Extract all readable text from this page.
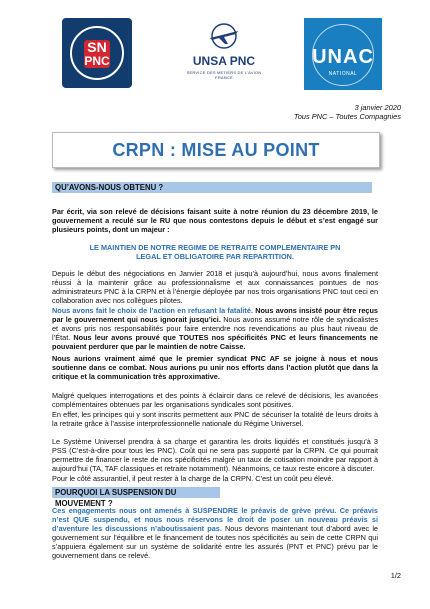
SN
PNC	UNSA PNC
SERVICE DES METIERS DE L'AVION FRANCE
UNAC
NATIONAL
3 janvier 2020
Tous PNC – Toutes Compagnies
CRPN : MISE AU POINT
QU’AVONS-NOUS OBTENU ?

Par écrit, via son relevé de décisions faisant suite à notre réunion du 23 décembre 2019, le gouvernement a reculé sur le RU que nous contestons depuis le début et s’est engagé sur plusieurs points, dont un majeur :

LE MAINTIEN DE NOTRE REGIME DE RETRAITE COMPLEMENTAIRE PN LEGAL ET OBLIGATOIRE PAR REPARTITION.

Depuis le début des négociations en Janvier 2018 et jusqu’à aujourd’hui, nous avons finalement réussi à la maintenir grâce au professionnalisme et aux connaissances pointues de nos administrateurs PNC à la CRPN et à l’énergie déployée par nos trois organisations PNC tout ceci en collaboration avec nos collègues pilotes.

Nous avons fait le choix de l’action en refusant la fatalité. Nous avons insisté pour être reçus par le gouvernement qui nous ignorait jusqu’ici. Nous avons assumé notre rôle de syndicalistes et avons pris nos responsabilités pour faire entendre nos revendications au plus haut niveau de l’État. Nous leur avons prouvé que TOUTES nos spécificités PNC et leurs financements ne pouvaient perdurer que par le maintien de notre Caisse.

Nous aurions vraiment aimé que le premier syndicat PNC AF se joigne à nous et nous soutienne dans ce combat. Nous aurions pu unir nos efforts dans l’action plutôt que dans la critique et la communication très approximative.

Malgré quelques interrogations et des points à éclaircir dans ce relevé de décisions, les avancées complémentaires obtenues par les organisations syndicales sont positives.

En effet, les principes qui y sont inscrits permettent aux PNC de sécuriser la totalité de leurs droits à la retraite grâce à l’assise interprofessionnelle nationale du Régime Universel.

Le Système Universel prendra à sa charge et garantira les droits liquidés et constitués jusqu’à 3 PSS (C’est-à-dire pour tous les PNC). Coût qui ne sera pas supporté par la CRPN. Ce qui pourrait permettre de financer le reste de nos spécificités malgré un taux de cotisation moindre par rapport à aujourd’hui (TA, TAF classiques et retraite notamment). Néanmoins, ce taux reste encore à discuter.

Pour le côté assurantiel, il peut rester à la charge de la CRPN. C’est un coût peu élevé.

POURQUOI LA SUSPENSION DU MOUVEMENT ?

Ces engagements nous ont amenés à SUSPENDRE le préavis de grève prévu. Ce préavis n’est QUE suspendu, et nous nous réservons le droit de poser un nouveau préavis si d’aventure les discussions n’aboutissaient pas. Nous devons maintenant tout d’abord avec le gouvernement sur l’équilibre et le financement de toutes nos spécificités au sein de cette CRPN qui s’appuiera également sur un système de solidarité entre les assurés (PNT et PNC) prévu par le gouvernement dans ce relevé.

1/2
